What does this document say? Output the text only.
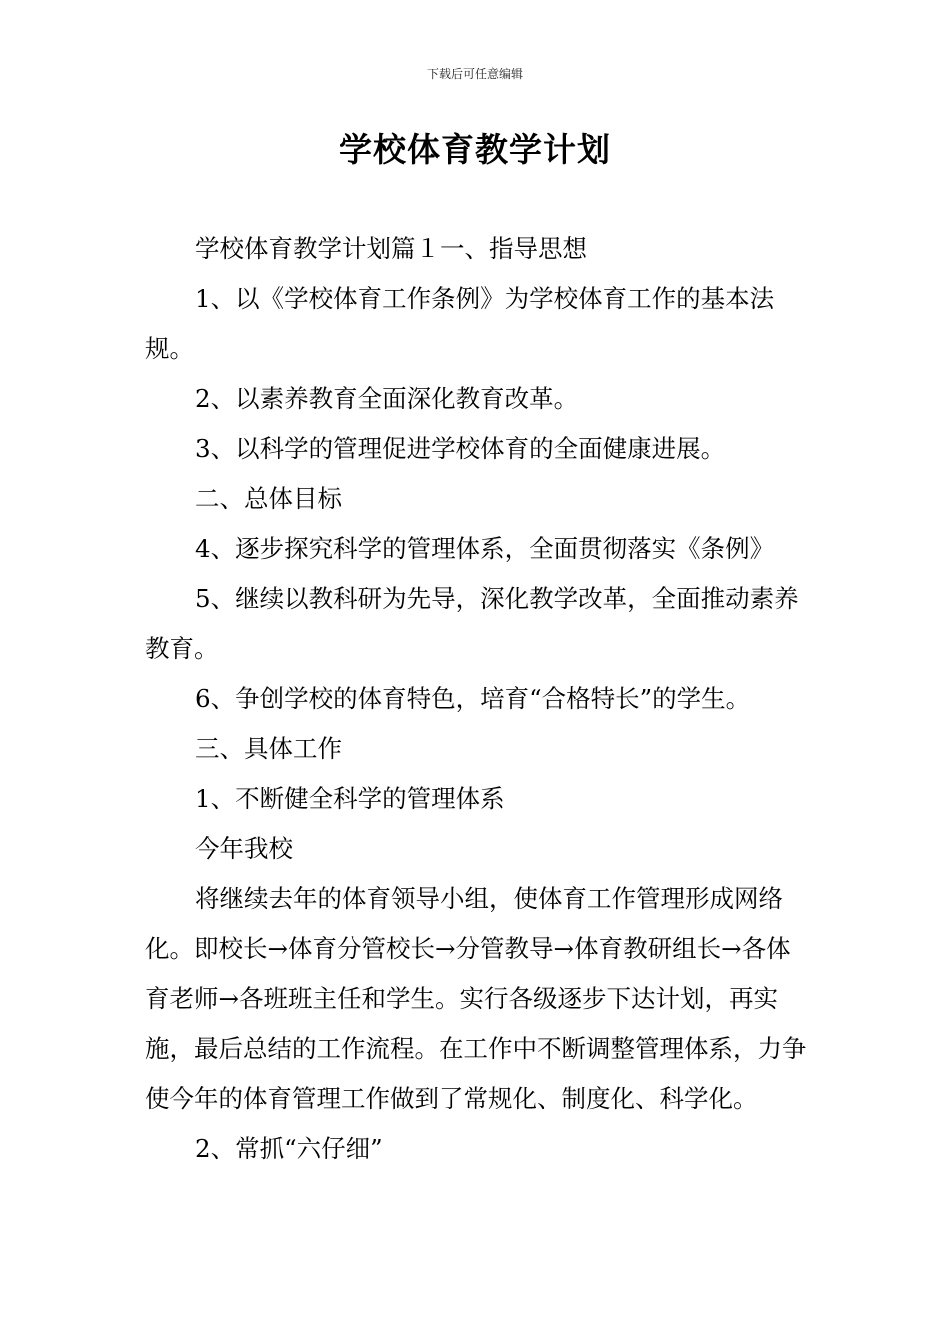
下载后可任意编辑
学校体育教学计划

学校体育教学计划篇１一、指导思想

1、以《学校体育工作条例》为学校体育工作的基本法规。

2、以素养教育全面深化教育改革。

3、以科学的管理促进学校体育的全面健康进展。

二、总体目标

4、逐步探究科学的管理体系，全面贯彻落实《条例》

5、继续以教科研为先导，深化教学改革，全面推动素养教育。

6、争创学校的体育特色，培育“合格特长”的学生。

三、具体工作

1、不断健全科学的管理体系

今年我校

将继续去年的体育领导小组，使体育工作管理形成网络化。即校长→体育分管校长→分管教导→体育教研组长→各体育老师→各班班主任和学生。实行各级逐步下达计划，再实施，最后总结的工作流程。在工作中不断调整管理体系，力争使今年的体育管理工作做到了常规化、制度化、科学化。

2、常抓“六仔细”
